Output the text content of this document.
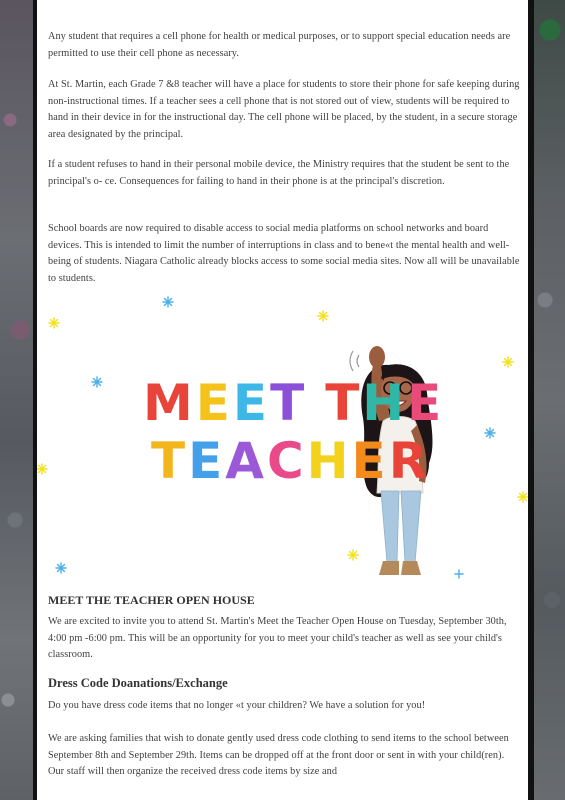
Any student that requires a cell phone for health or medical purposes, or to support special education needs are permitted to use their cell phone as necessary.

At St. Martin, each Grade 7 &8 teacher will have a place for students to store their phone for safe keeping during non-instructional times. If a teacher sees a cell phone that is not stored out of view, students will be required to hand in their device in for the instructional day. The cell phone will be placed, by the student, in a secure storage area designated by the principal.

If a student refuses to hand in their personal mobile device, the Ministry requires that the student be sent to the principal's o- ce. Consequences for failing to hand in their phone is at the principal's discretion.

School boards are now required to disable access to social media platforms on school networks and board devices. This is intended to limit the number of interruptions in class and to bene«t the mental health and well-being of students. Niagara Catholic already blocks access to some social media sites. Now all will be unavailable to students.

MEET THE
TEACHER
MEET THE TEACHER OPEN HOUSE

We are excited to invite you to attend St. Martin's Meet the Teacher Open House on Tuesday, September 30th, 4:00 pm -6:00 pm. This will be an opportunity for you to meet your child's teacher as well as see your child's classroom.

Dress Code Doanations/Exchange

Do you have dress code items that no longer «t your children? We have a solution for you!

We are asking families that wish to donate gently used dress code clothing to send items to the school between September 8th and September 29th. Items can be dropped off at the front door or sent in with your child(ren). Our staff will then organize the received dress code items by size and
